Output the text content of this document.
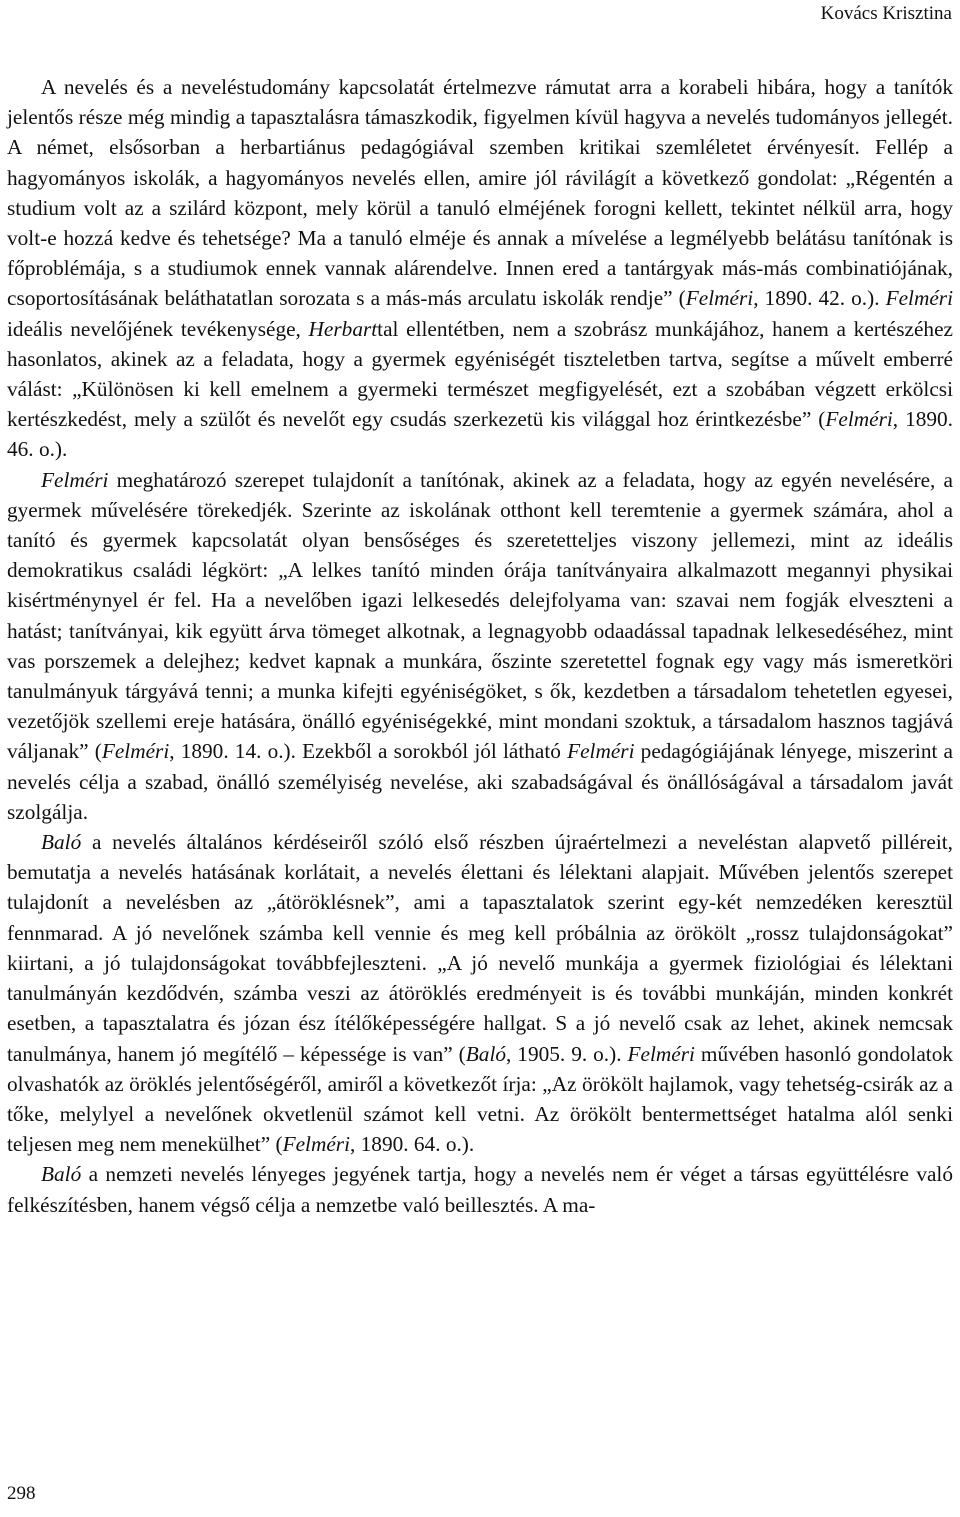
Kovács Krisztina

A nevelés és a neveléstudomány kapcsolatát értelmezve rámutat arra a korabeli hibára, hogy a tanítók jelentős része még mindig a tapasztalásra támaszkodik, figyelmen kívül hagyva a nevelés tudományos jellegét. A német, elsősorban a herbartiánus pedagógiával szemben kritikai szemléletet érvényesít. Fellép a hagyományos iskolák, a hagyományos nevelés ellen, amire jól rávilágít a következő gondolat: „Régentén a studium volt az a szilárd központ, mely körül a tanuló elméjének forogni kellett, tekintet nélkül arra, hogy volt-e hozzá kedve és tehetsége? Ma a tanuló elméje és annak a mívelése a legmélyebb belátásu tanítónak is főproblémája, s a studiumok ennek vannak alárendelve. Innen ered a tantárgyak más-más combinatiójának, csoportosításának beláthatatlan sorozata s a más-más arculatu iskolák rendje” (Felméri, 1890. 42. o.). Felméri ideális nevelőjének tevékenysége, Herbarttal ellentétben, nem a szobrász munkájához, hanem a kertészéhez hasonlatos, akinek az a feladata, hogy a gyermek egyéniségét tiszteletben tartva, segítse a művelt emberré válást: „Különösen ki kell emelnem a gyermeki természet megfigyelését, ezt a szobában végzett erkölcsi kertészkedést, mely a szülőt és nevelőt egy csudás szerkezetü kis világgal hoz érintkezésbe” (Felméri, 1890. 46. o.).

Felméri meghatározó szerepet tulajdonít a tanítónak, akinek az a feladata, hogy az egyén nevelésére, a gyermek művelésére törekedjék. Szerinte az iskolának otthont kell teremtenie a gyermek számára, ahol a tanító és gyermek kapcsolatát olyan bensőséges és szeretetteljes viszony jellemezi, mint az ideális demokratikus családi légkört: „A lelkes tanító minden órája tanítványaira alkalmazott megannyi physikai kisértménynyel ér fel. Ha a nevelőben igazi lelkesedés delejfolyama van: szavai nem fogják elveszteni a hatást; tanítványai, kik együtt árva tömeget alkotnak, a legnagyobb odaadással tapadnak lelkesedéséhez, mint vas porszemek a delejhez; kedvet kapnak a munkára, őszinte szeretettel fognak egy vagy más ismeretköri tanulmányuk tárgyává tenni; a munka kifejti egyéniségöket, s ők, kezdetben a társadalom tehetetlen egyesei, vezetőjök szellemi ereje hatására, önálló egyéniségekké, mint mondani szoktuk, a társadalom hasznos tagjává váljanak” (Felméri, 1890. 14. o.). Ezekből a sorokból jól látható Felméri pedagógiájának lényege, miszerint a nevelés célja a szabad, önálló személyiség nevelése, aki szabadságával és önállóságával a társadalom javát szolgálja.

Baló a nevelés általános kérdéseiről szóló első részben újraértelmezi a neveléstan alapvető pilléreit, bemutatja a nevelés hatásának korlátait, a nevelés élettani és lélektani alapjait. Művében jelentős szerepet tulajdonít a nevelésben az „átöröklésnek”, ami a tapasztalatok szerint egy-két nemzedéken keresztül fennmarad. A jó nevelőnek számba kell vennie és meg kell próbálnia az örökölt „rossz tulajdonságokat” kiirtani, a jó tulajdonságokat továbbfejleszteni. „A jó nevelő munkája a gyermek fiziológiai és lélektani tanulmányán kezdődvén, számba veszi az átöröklés eredményeit is és további munkáján, minden konkrét esetben, a tapasztalatra és józan ész ítélőképességére hallgat. S a jó nevelő csak az lehet, akinek nemcsak tanulmánya, hanem jó megítélő – képessége is van” (Baló, 1905. 9. o.). Felméri művében hasonló gondolatok olvashatók az öröklés jelentőségéről, amiről a következőt írja: „Az örökölt hajlamok, vagy tehetség-csirák az a tőke, melylyel a nevelőnek okvetlenül számot kell vetni. Az örökölt bentermettséget hatalma alól senki teljesen meg nem menekülhet” (Felméri, 1890. 64. o.).

Baló a nemzeti nevelés lényeges jegyének tartja, hogy a nevelés nem ér véget a társas együttélésre való felkészítésben, hanem végső célja a nemzetbe való beillesztés. A ma-

298
